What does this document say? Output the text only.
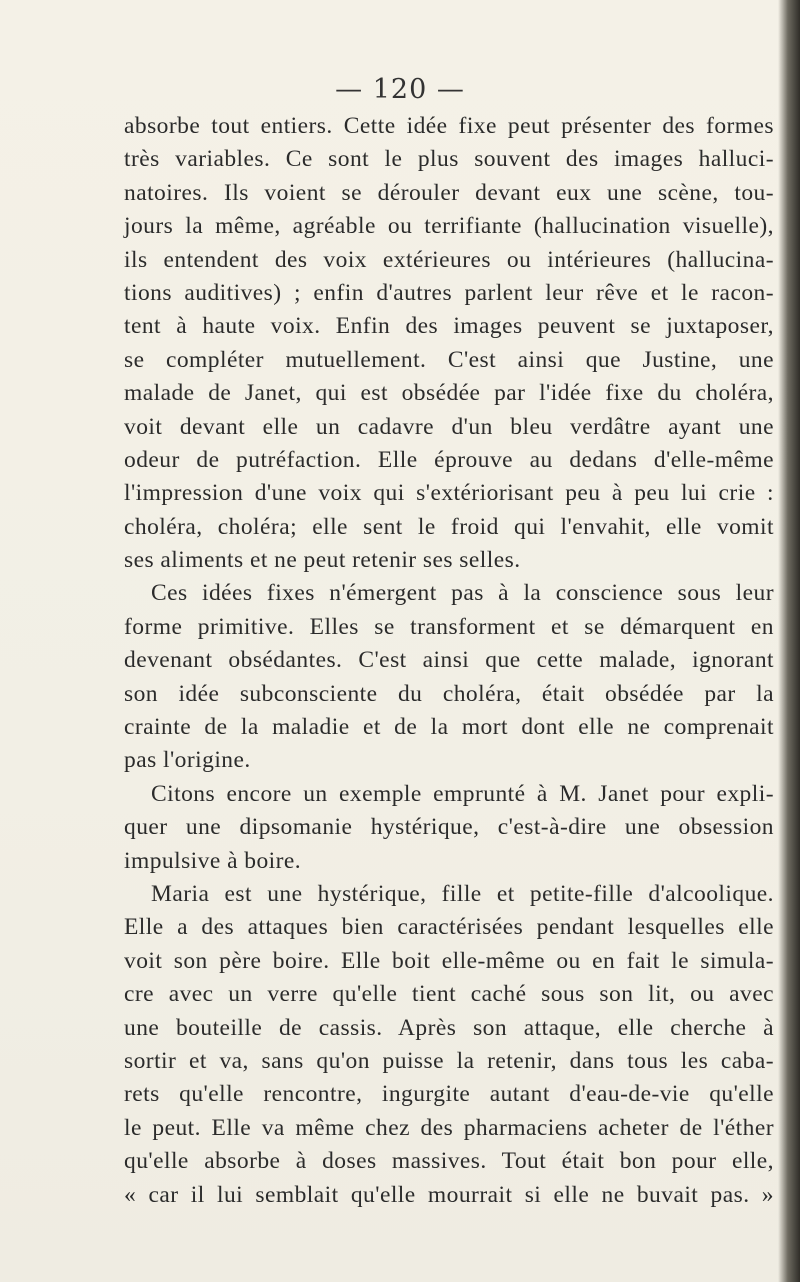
— 120 —
absorbe tout entiers. Cette idée fixe peut présenter des formes
très variables. Ce sont le plus souvent des images halluci-
natoires. Ils voient se dérouler devant eux une scène, tou-
jours la même, agréable ou terrifiante (hallucination visuelle),
ils entendent des voix extérieures ou intérieures (hallucina-
tions auditives) ; enfin d'autres parlent leur rêve et le racon-
tent à haute voix. Enfin des images peuvent se juxtaposer,
se compléter mutuellement. C'est ainsi que Justine, une
malade de Janet, qui est obsédée par l'idée fixe du choléra,
voit devant elle un cadavre d'un bleu verdâtre ayant une
odeur de putréfaction. Elle éprouve au dedans d'elle-même
l'impression d'une voix qui s'extériorisant peu à peu lui crie :
choléra, choléra; elle sent le froid qui l'envahit, elle vomit
ses aliments et ne peut retenir ses selles.
Ces idées fixes n'émergent pas à la conscience sous leur
forme primitive. Elles se transforment et se démarquent en
devenant obsédantes. C'est ainsi que cette malade, ignorant
son idée subconsciente du choléra, était obsédée par la
crainte de la maladie et de la mort dont elle ne comprenait
pas l'origine.
Citons encore un exemple emprunté à M. Janet pour expli-
quer une dipsomanie hystérique, c'est-à-dire une obsession
impulsive à boire.
Maria est une hystérique, fille et petite-fille d'alcoolique.
Elle a des attaques bien caractérisées pendant lesquelles elle
voit son père boire. Elle boit elle-même ou en fait le simula-
cre avec un verre qu'elle tient caché sous son lit, ou avec
une bouteille de cassis. Après son attaque, elle cherche à
sortir et va, sans qu'on puisse la retenir, dans tous les caba-
rets qu'elle rencontre, ingurgite autant d'eau-de-vie qu'elle
le peut. Elle va même chez des pharmaciens acheter de l'éther
qu'elle absorbe à doses massives. Tout était bon pour elle,
« car il lui semblait qu'elle mourrait si elle ne buvait pas. »
